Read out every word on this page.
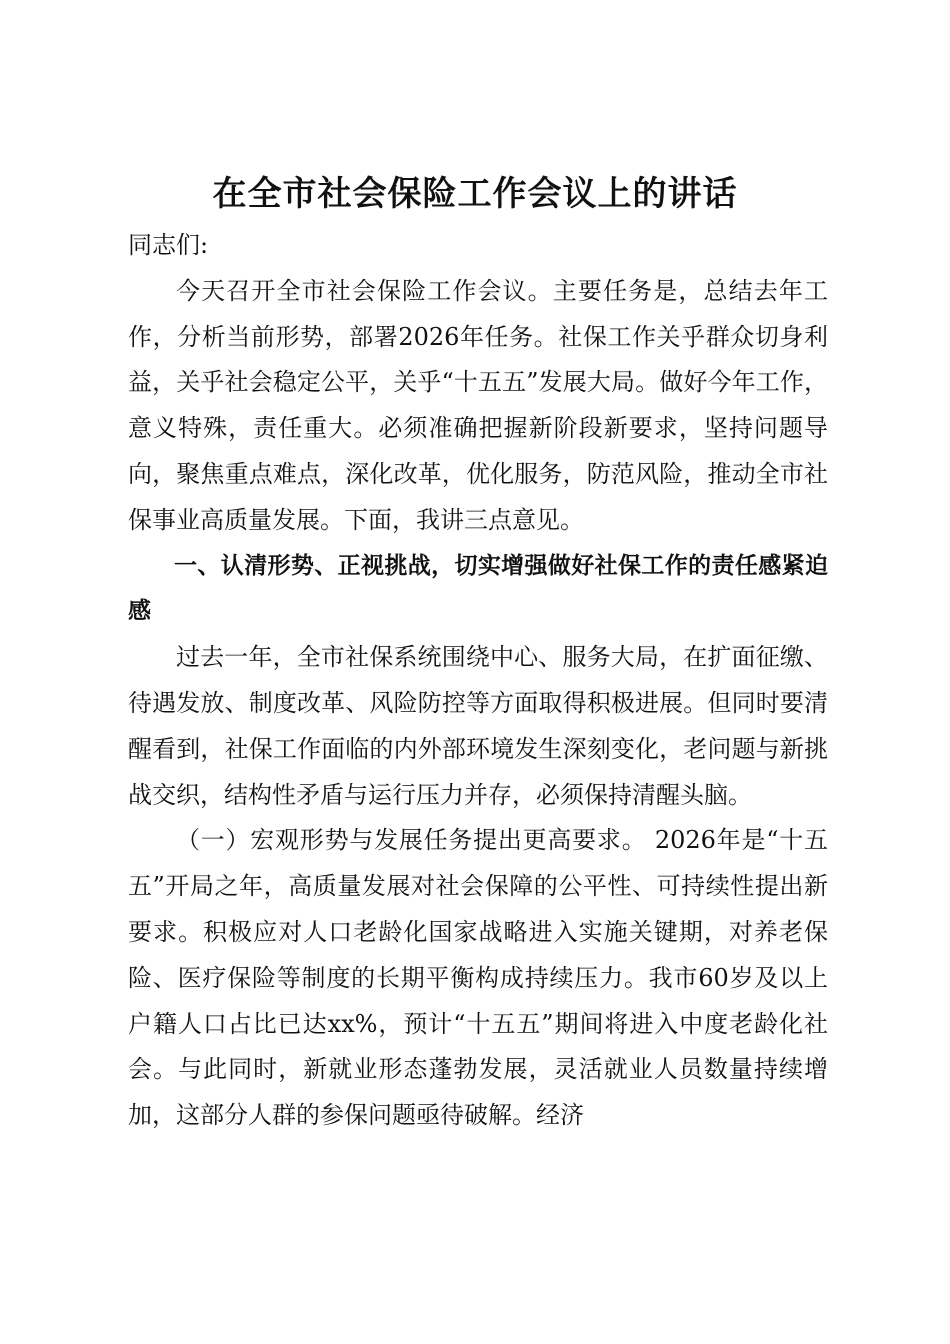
在全市社会保险工作会议上的讲话

同志们:

今天召开全市社会保险工作会议。主要任务是，总结去年工作，分析当前形势，部署2026年任务。社保工作关乎群众切身利益，关乎社会稳定公平，关乎“十五五”发展大局。做好今年工作，意义特殊，责任重大。必须准确把握新阶段新要求，坚持问题导向，聚焦重点难点，深化改革，优化服务，防范风险，推动全市社保事业高质量发展。下面，我讲三点意见。

一、认清形势、正视挑战，切实增强做好社保工作的责任感紧迫感

过去一年，全市社保系统围绕中心、服务大局，在扩面征缴、待遇发放、制度改革、风险防控等方面取得积极进展。但同时要清醒看到，社保工作面临的内外部环境发生深刻变化，老问题与新挑战交织，结构性矛盾与运行压力并存，必须保持清醒头脑。

（一）宏观形势与发展任务提出更高要求。 2026年是“十五五”开局之年，高质量发展对社会保障的公平性、可持续性提出新要求。积极应对人口老龄化国家战略进入实施关键期，对养老保险、医疗保险等制度的长期平衡构成持续压力。我市60岁及以上户籍人口占比已达xx%，预计“十五五”期间将进入中度老龄化社会。与此同时，新就业形态蓬勃发展，灵活就业人员数量持续增加，这部分人群的参保问题亟待破解。经济
